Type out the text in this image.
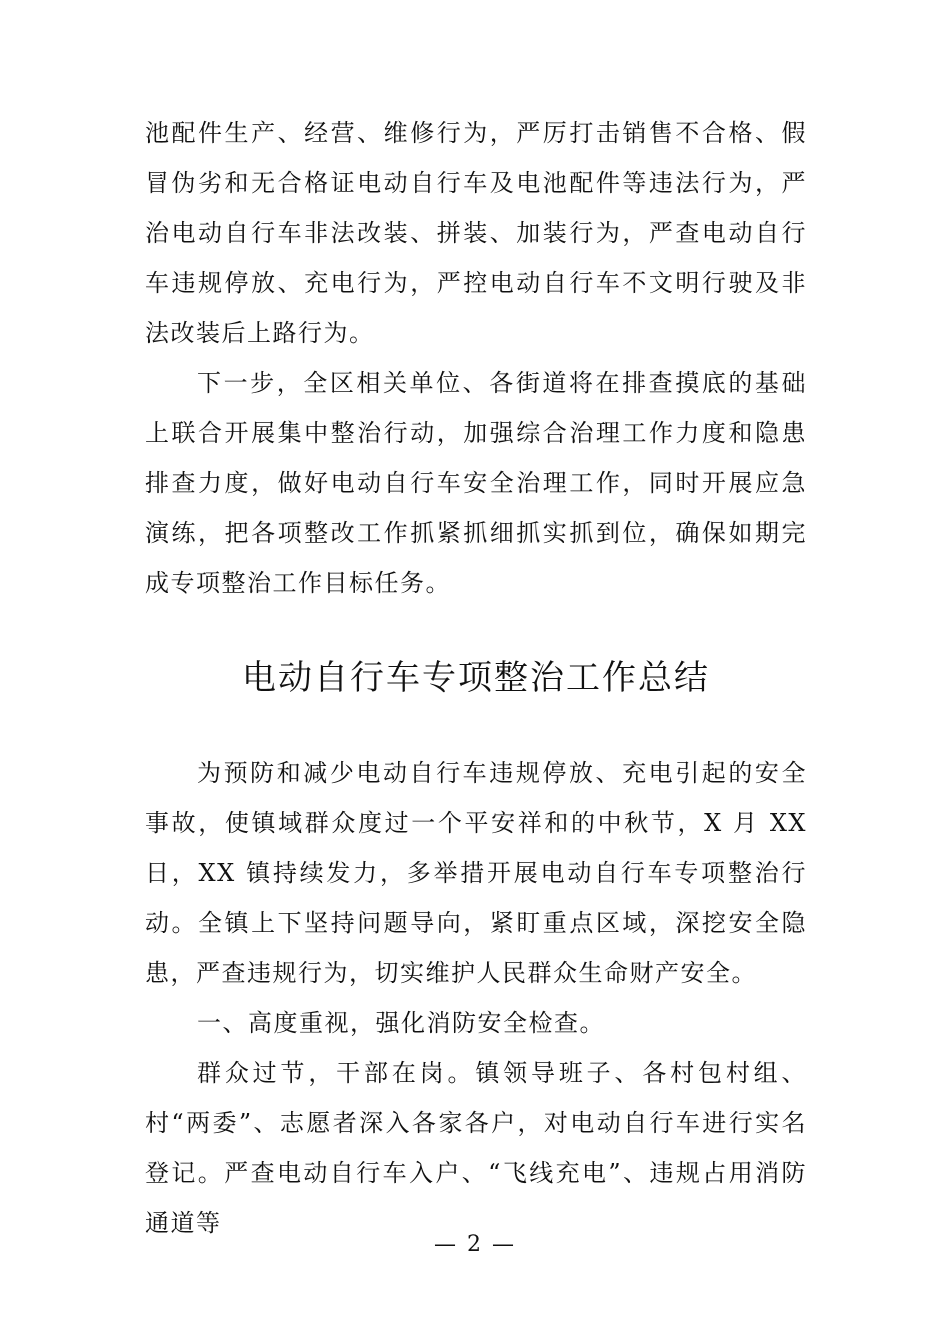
池配件生产、经营、维修行为，严厉打击销售不合格、假冒伪劣和无合格证电动自行车及电池配件等违法行为，严治电动自行车非法改装、拼装、加装行为，严查电动自行车违规停放、充电行为，严控电动自行车不文明行驶及非法改装后上路行为。

下一步，全区相关单位、各街道将在排查摸底的基础上联合开展集中整治行动，加强综合治理工作力度和隐患排查力度，做好电动自行车安全治理工作，同时开展应急演练，把各项整改工作抓紧抓细抓实抓到位，确保如期完成专项整治工作目标任务。

电动自行车专项整治工作总结

为预防和减少电动自行车违规停放、充电引起的安全事故，使镇域群众度过一个平安祥和的中秋节，X 月 XX 日，XX 镇持续发力，多举措开展电动自行车专项整治行动。全镇上下坚持问题导向，紧盯重点区域，深挖安全隐患，严查违规行为，切实维护人民群众生命财产安全。

一、高度重视，强化消防安全检查。

群众过节，干部在岗。镇领导班子、各村包村组、村“两委”、志愿者深入各家各户，对电动自行车进行实名登记。严查电动自行车入户、“飞线充电”、违规占用消防通道等

— 2 —
